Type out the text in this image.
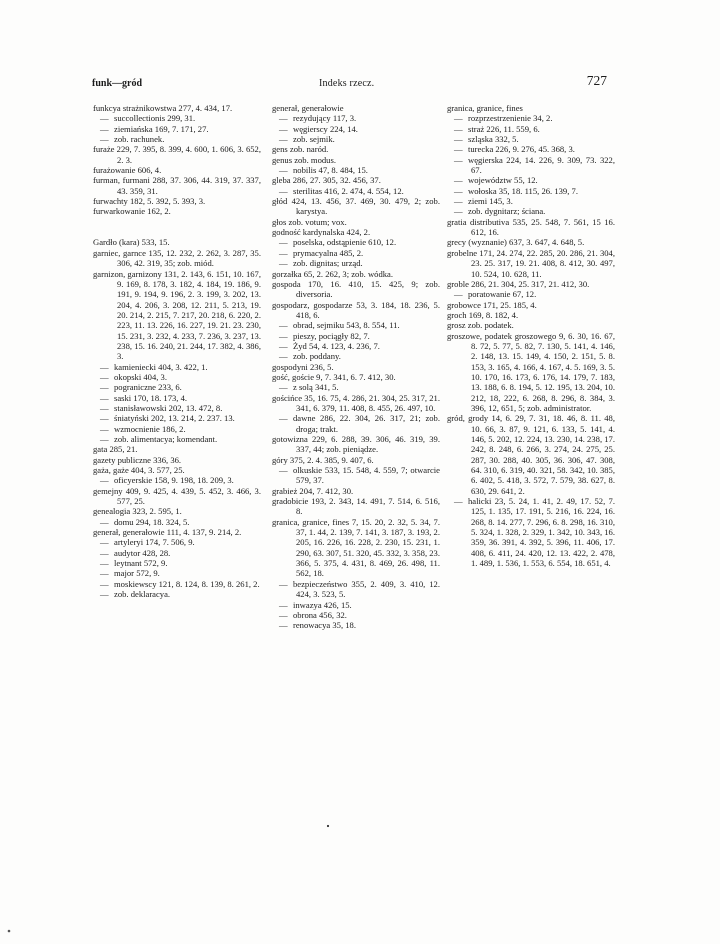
funk—gród	Indeks rzecz.	727
funkcya strażnikowstwa 277, 4. 434, 17.
— succollectionis 299, 31.
— ziemiańska 169, 7. 171, 27.
— zob. rachunek.
furaże 229, 7. 395, 8. 399, 4. 600, 1. 606, 3. 652, 2. 3.
furażowanie 606, 4.
furman, furmani 288, 37. 306, 44. 319, 37. 337, 43. 359, 31.
furwachty 182, 5. 392, 5. 393, 3.
furwarkowanie 162, 2.
Gardło (kara) 533, 15.
garniec, garnce 135, 12. 232, 2. 262, 3. 287, 35. 306, 42. 319, 35; zob. miód.
garnizon, garnizony 131, 2. 143, 6. 151, 10. 167, 9. 169, 8. 178, 3. 182, 4. 184, 19. 186, 9. 191, 9. 194, 9. 196, 2. 3. 199, 3. 202, 13. 204, 4. 206, 3. 208, 12. 211, 5. 213, 19. 20. 214, 2. 215, 7. 217, 20. 218, 6. 220, 2. 223, 11. 13. 226, 16. 227, 19. 21. 23. 230, 15. 231, 3. 232, 4. 233, 7. 236, 3. 237, 13. 238, 15. 16. 240, 21. 244, 17. 382, 4. 386, 3.
— kamieniecki 404, 3. 422, 1.
— okopski 404, 3.
— pograniczne 233, 6.
— saski 170, 18. 173, 4.
— stanisławowski 202, 13. 472, 8.
— śniatyński 202, 13. 214, 2. 237. 13.
— wzmocnienie 186, 2.
— zob. alimentacya; komendant.
gata 285, 21.
gazety publiczne 336, 36.
gaża, gaże 404, 3. 577, 25.
— oficyerskie 158, 9. 198, 18. 209, 3.
gemejny 409, 9. 425, 4. 439, 5. 452, 3. 466, 3. 577, 25.
genealogia 323, 2. 595, 1.
— domu 294, 18. 324, 5.
generał, generałowie 111, 4. 137, 9. 214, 2.
— artyleryi 174, 7. 506, 9.
— audytor 428, 28.
— leytnant 572, 9.
— major 572, 9.
— moskiewscy 121, 8. 124, 8. 139, 8. 261, 2.
— zob. deklaracya.
generał, generałowie
— rezydujący 117, 3.
— węgierscy 224, 14.
— zob. sejmik.
gens zob. naród.
genus zob. modus.
— nobilis 47, 8. 484, 15.
gleba 286, 27. 305, 32. 456, 37.
— sterilitas 416, 2. 474, 4. 554, 12.
głód 424, 13. 456, 37. 469, 30. 479, 2; zob. karystya.
głos zob. votum; vox.
godność kardynalska 424, 2.
— poselska, odstąpienie 610, 12.
— prymacyalna 485, 2.
— zob. dignitas; urząd.
gorzałka 65, 2. 262, 3; zob. wódka.
gospoda 170, 16. 410, 15. 425, 9; zob. diversoria.
gospodarz, gospodarze 53, 3. 184, 18. 236, 5. 418, 6.
— obrad, sejmiku 543, 8. 554, 11.
— pieszy, pociągły 82, 7.
— Żyd 54, 4. 123, 4. 236, 7.
— zob. poddany.
gospodyni 236, 5.
gość, goście 9, 7. 341, 6. 7. 412, 30.
— z solą 341, 5.
gościńce 35, 16. 75, 4. 286, 21. 304, 25. 317, 21. 341, 6. 379, 11. 408, 8. 455, 26. 497, 10.
— dawne 286, 22. 304, 26. 317, 21; zob. droga; trakt.
gotowizna 229, 6. 288, 39. 306, 46. 319, 39. 337, 44; zob. pieniądze.
góry 375, 2. 4. 385, 9. 407, 6.
— olkuskie 533, 15. 548, 4. 559, 7; otwarcie 579, 37.
grabież 204, 7. 412, 30.
gradobicie 193, 2. 343, 14. 491, 7. 514, 6. 516, 8.
granica, granice, fines 7, 15. 20, 2. 32, 5. 34, 7. 37, 1. 44, 2. 139, 7. 141, 3. 187, 3. 193, 2. 205, 16. 226, 16. 228, 2. 230, 15. 231, 1. 290, 63. 307, 51. 320, 45. 332, 3. 358, 23. 366, 5. 375, 4. 431, 8. 469, 26. 498, 11. 562, 18.
— bezpieczeństwo 355, 2. 409, 3. 410, 12. 424, 3. 523, 5.
— inwazya 426, 15.
— obrona 456, 32.
— renowacya 35, 18.
granica, granice, fines
— rozprzestrzenienie 34, 2.
— straż 226, 11. 559, 6.
— szląska 332, 5.
— turecka 226, 9. 276, 45. 368, 3.
— węgierska 224, 14. 226, 9. 309, 73. 322, 67.
— województw 55, 12.
— wołoska 35, 18. 115, 26. 139, 7.
— ziemi 145, 3.
— zob. dygnitarz; ściana.
gratia distributiva 535, 25. 548, 7. 561, 15 16. 612, 16.
grecy (wyznanie) 637, 3. 647, 4. 648, 5.
grobelne 171, 24. 274, 22. 285, 20. 286, 21. 304, 23. 25. 317, 19. 21. 408, 8. 412, 30. 497, 10. 524, 10. 628, 11.
groble 286, 21. 304, 25. 317, 21. 412, 30.
— poratowanie 67, 12.
grobowce 171, 25. 185, 4.
groch 169, 8. 182, 4.
grosz zob. podatek.
groszowe, podatek groszowego 9, 6. 30, 16. 67, 8. 72, 5. 77, 5. 82, 7. 130, 5. 141, 4. 146, 2. 148, 13. 15. 149, 4. 150, 2. 151, 5. 8. 153, 3. 165, 4. 166, 4. 167, 4. 5. 169, 3. 5. 10. 170, 16. 173, 6. 176, 14. 179, 7. 183, 13. 188, 6. 8. 194, 5. 12. 195, 13. 204, 10. 212, 18, 222, 6. 268, 8. 296, 8. 384, 3. 396, 12, 651, 5; zob. administrator.
gród, grody 14, 6. 29, 7. 31, 18. 46, 8. 11. 48, 10. 66, 3. 87, 9. 121, 6. 133, 5. 141, 4. 146, 5. 202, 12. 224, 13. 230, 14. 238, 17. 242, 8. 248, 6. 266, 3. 274, 24. 275, 25. 287, 30. 288, 40. 305, 36. 306, 47. 308, 64. 310, 6. 319, 40. 321, 58. 342, 10. 385, 6. 402, 5. 418, 3. 572, 7. 579, 38. 627, 8. 630, 29. 641, 2.
— halicki 23, 5. 24, 1. 41, 2. 49, 17. 52, 7. 125, 1. 135, 17. 191, 5. 216, 16. 224, 16. 268, 8. 14. 277, 7. 296, 6. 8. 298, 16. 310, 5. 324, 1. 328, 2. 329, 1. 342, 10. 343, 16. 359, 36. 391, 4. 392, 5. 396, 11. 406, 17. 408, 6. 411, 24. 420, 12. 13. 422, 2. 478, 1. 489, 1. 536, 1. 553, 6. 554, 18. 651, 4.
